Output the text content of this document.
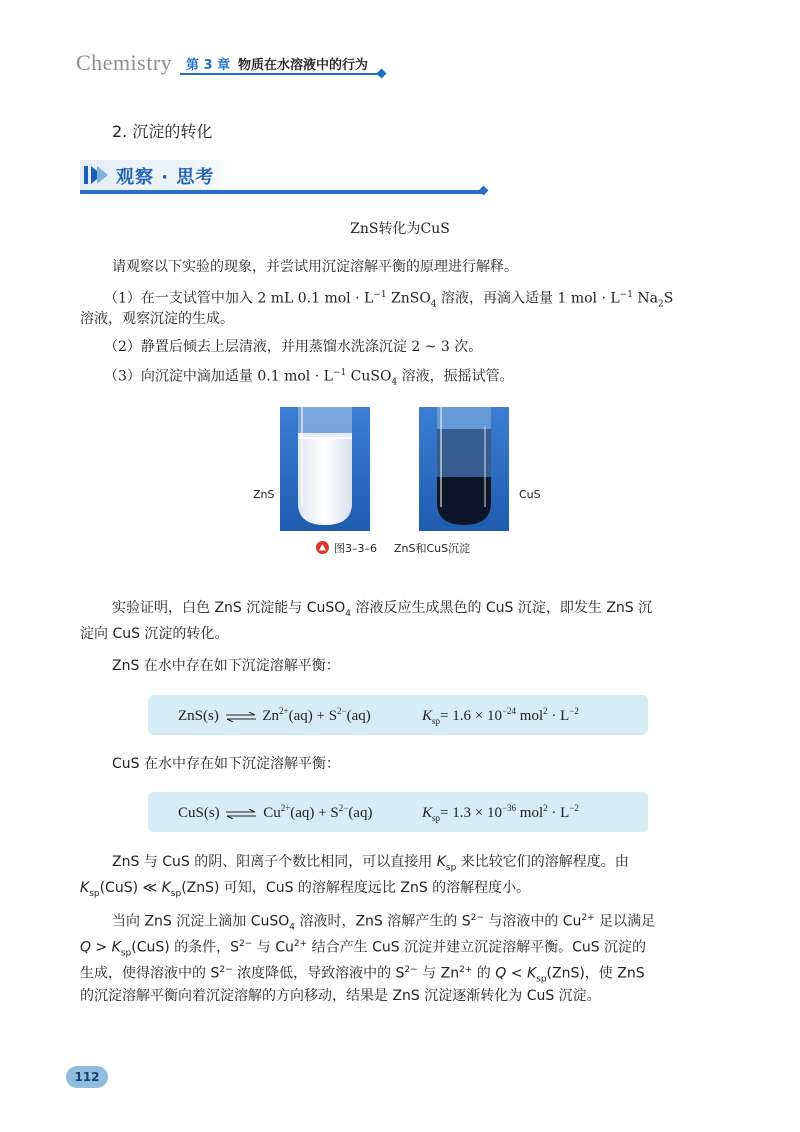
Chemistry 第 3 章 物质在水溶液中的行为
2. 沉淀的转化
观察 · 思考
ZnS转化为CuS
请观察以下实验的现象，并尝试用沉淀溶解平衡的原理进行解释。
（1）在一支试管中加入 2 mL 0.1 mol · $L^{-1}$ ZnSO$_4$ 溶液，再滴入适量 1 mol · $L^{-1}$ $Na_2S$
溶液，观察沉淀的生成。
（2）静置后倾去上层清液，并用蒸馏水洗涤沉淀 2 ~ 3 次。
（3）向沉淀中滴加适量 0.1 mol · $L^{-1}$ CuSO$_4$ 溶液，振摇试管。
ZnS	CuS
图3–3–6 ZnS和CuS沉淀
实验证明，白色 ZnS 沉淀能与 CuSO$_4$ 溶液反应生成黑色的 CuS 沉淀，即发生 ZnS 沉
淀向 CuS 沉淀的转化。
ZnS 在水中存在如下沉淀溶解平衡：
ZnS(s) ⇌ $Zn^{2+}(aq) + S^{2-}(aq)$	$K_{sp}= 1.6 \times 10^{-24}$ $mol^2 \cdot L^{-2}$
CuS 在水中存在如下沉淀溶解平衡：
CuS(s) ⇌ $Cu^{2+}(aq) + S^{2-}(aq)$	$K_{sp}= 1.3 \times 10^{-36}$ $mol^2 \cdot L^{-2}$
ZnS 与 CuS 的阴、阳离子个数比相同，可以直接用 $K_{sp}$ 来比较它们的溶解程度。由
$K_{sp}(CuS)$ ≪ $K_{sp}(ZnS)$ 可知，CuS 的溶解程度远比 ZnS 的溶解程度小。
当向 ZnS 沉淀上滴加 CuSO$_4$ 溶液时，ZnS 溶解产生的 $S^{2-}$ 与溶液中的 $Cu^{2+}$ 足以满足
$Q > K_{sp}(CuS)$ 的条件，$S^{2-}$ 与 $Cu^{2+}$ 结合产生 CuS 沉淀并建立沉淀溶解平衡。CuS 沉淀的
生成，使得溶液中的 $S^{2-}$ 浓度降低，导致溶液中的 $S^{2-}$ 与 $Zn^{2+}$ 的 $Q < K_{sp}(ZnS)$，使 ZnS
的沉淀溶解平衡向着沉淀溶解的方向移动，结果是 ZnS 沉淀逐渐转化为 CuS 沉淀。
112
